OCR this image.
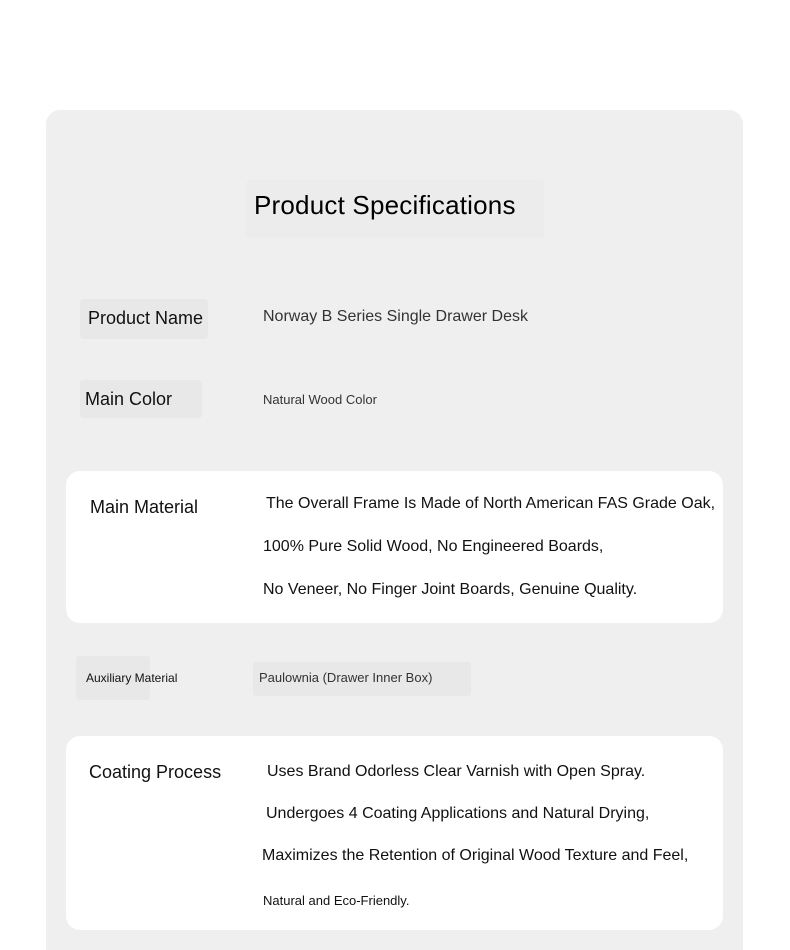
Product Specifications
Product Name	Norway B Series Single Drawer Desk
Main Color	Natural Wood Color
Main Material	The Overall Frame Is Made of North American FAS Grade Oak,
100% Pure Solid Wood, No Engineered Boards,
No Veneer, No Finger Joint Boards, Genuine Quality.
Auxiliary Material	Paulownia (Drawer Inner Box)
Coating Process	Uses Brand Odorless Clear Varnish with Open Spray.
Undergoes 4 Coating Applications and Natural Drying,
Maximizes the Retention of Original Wood Texture and Feel,
Natural and Eco-Friendly.
